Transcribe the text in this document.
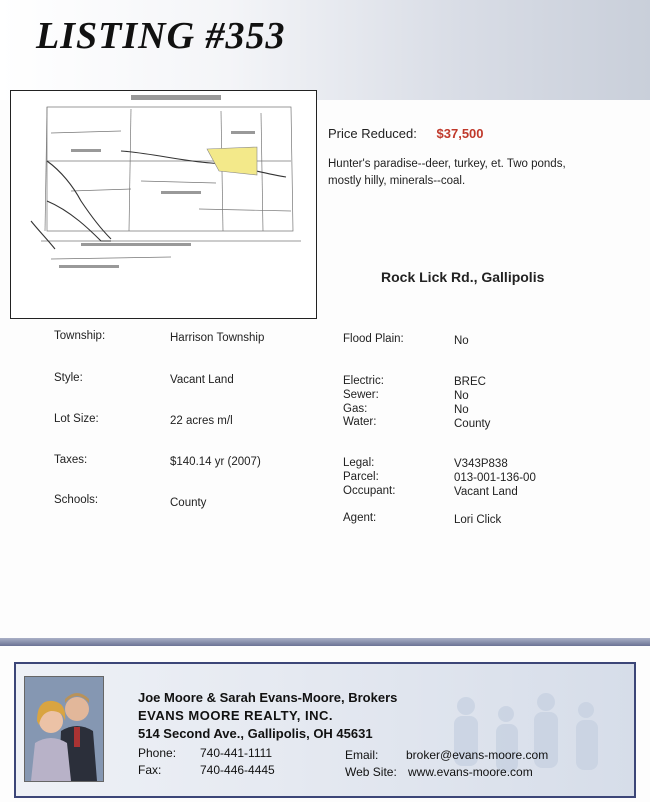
LISTING #353
Price Reduced: $37,500
Hunter's paradise--deer, turkey, et. Two ponds,
mostly hilly, minerals--coal.
Rock Lick Rd., Gallipolis
Township:	Harrison Township
Style:	Vacant Land
Lot Size:	22 acres m/l
Taxes:	$140.14 yr (2007)
Schools:	County
Flood Plain:	No
Electric:	BREC
Sewer:	No
Gas:	No
Water:	County
Legal:	V343P838
Parcel:	013-001-136-00
Occupant:	Vacant Land
Agent:	Lori Click
Joe Moore & Sarah Evans-Moore, Brokers
EVANS MOORE REALTY, INC.
514 Second Ave., Gallipolis, OH 45631
Phone: 740-441-1111
Fax:	740-446-4445
Email: broker@evans-moore.com
Web Site: www.evans-moore.com
